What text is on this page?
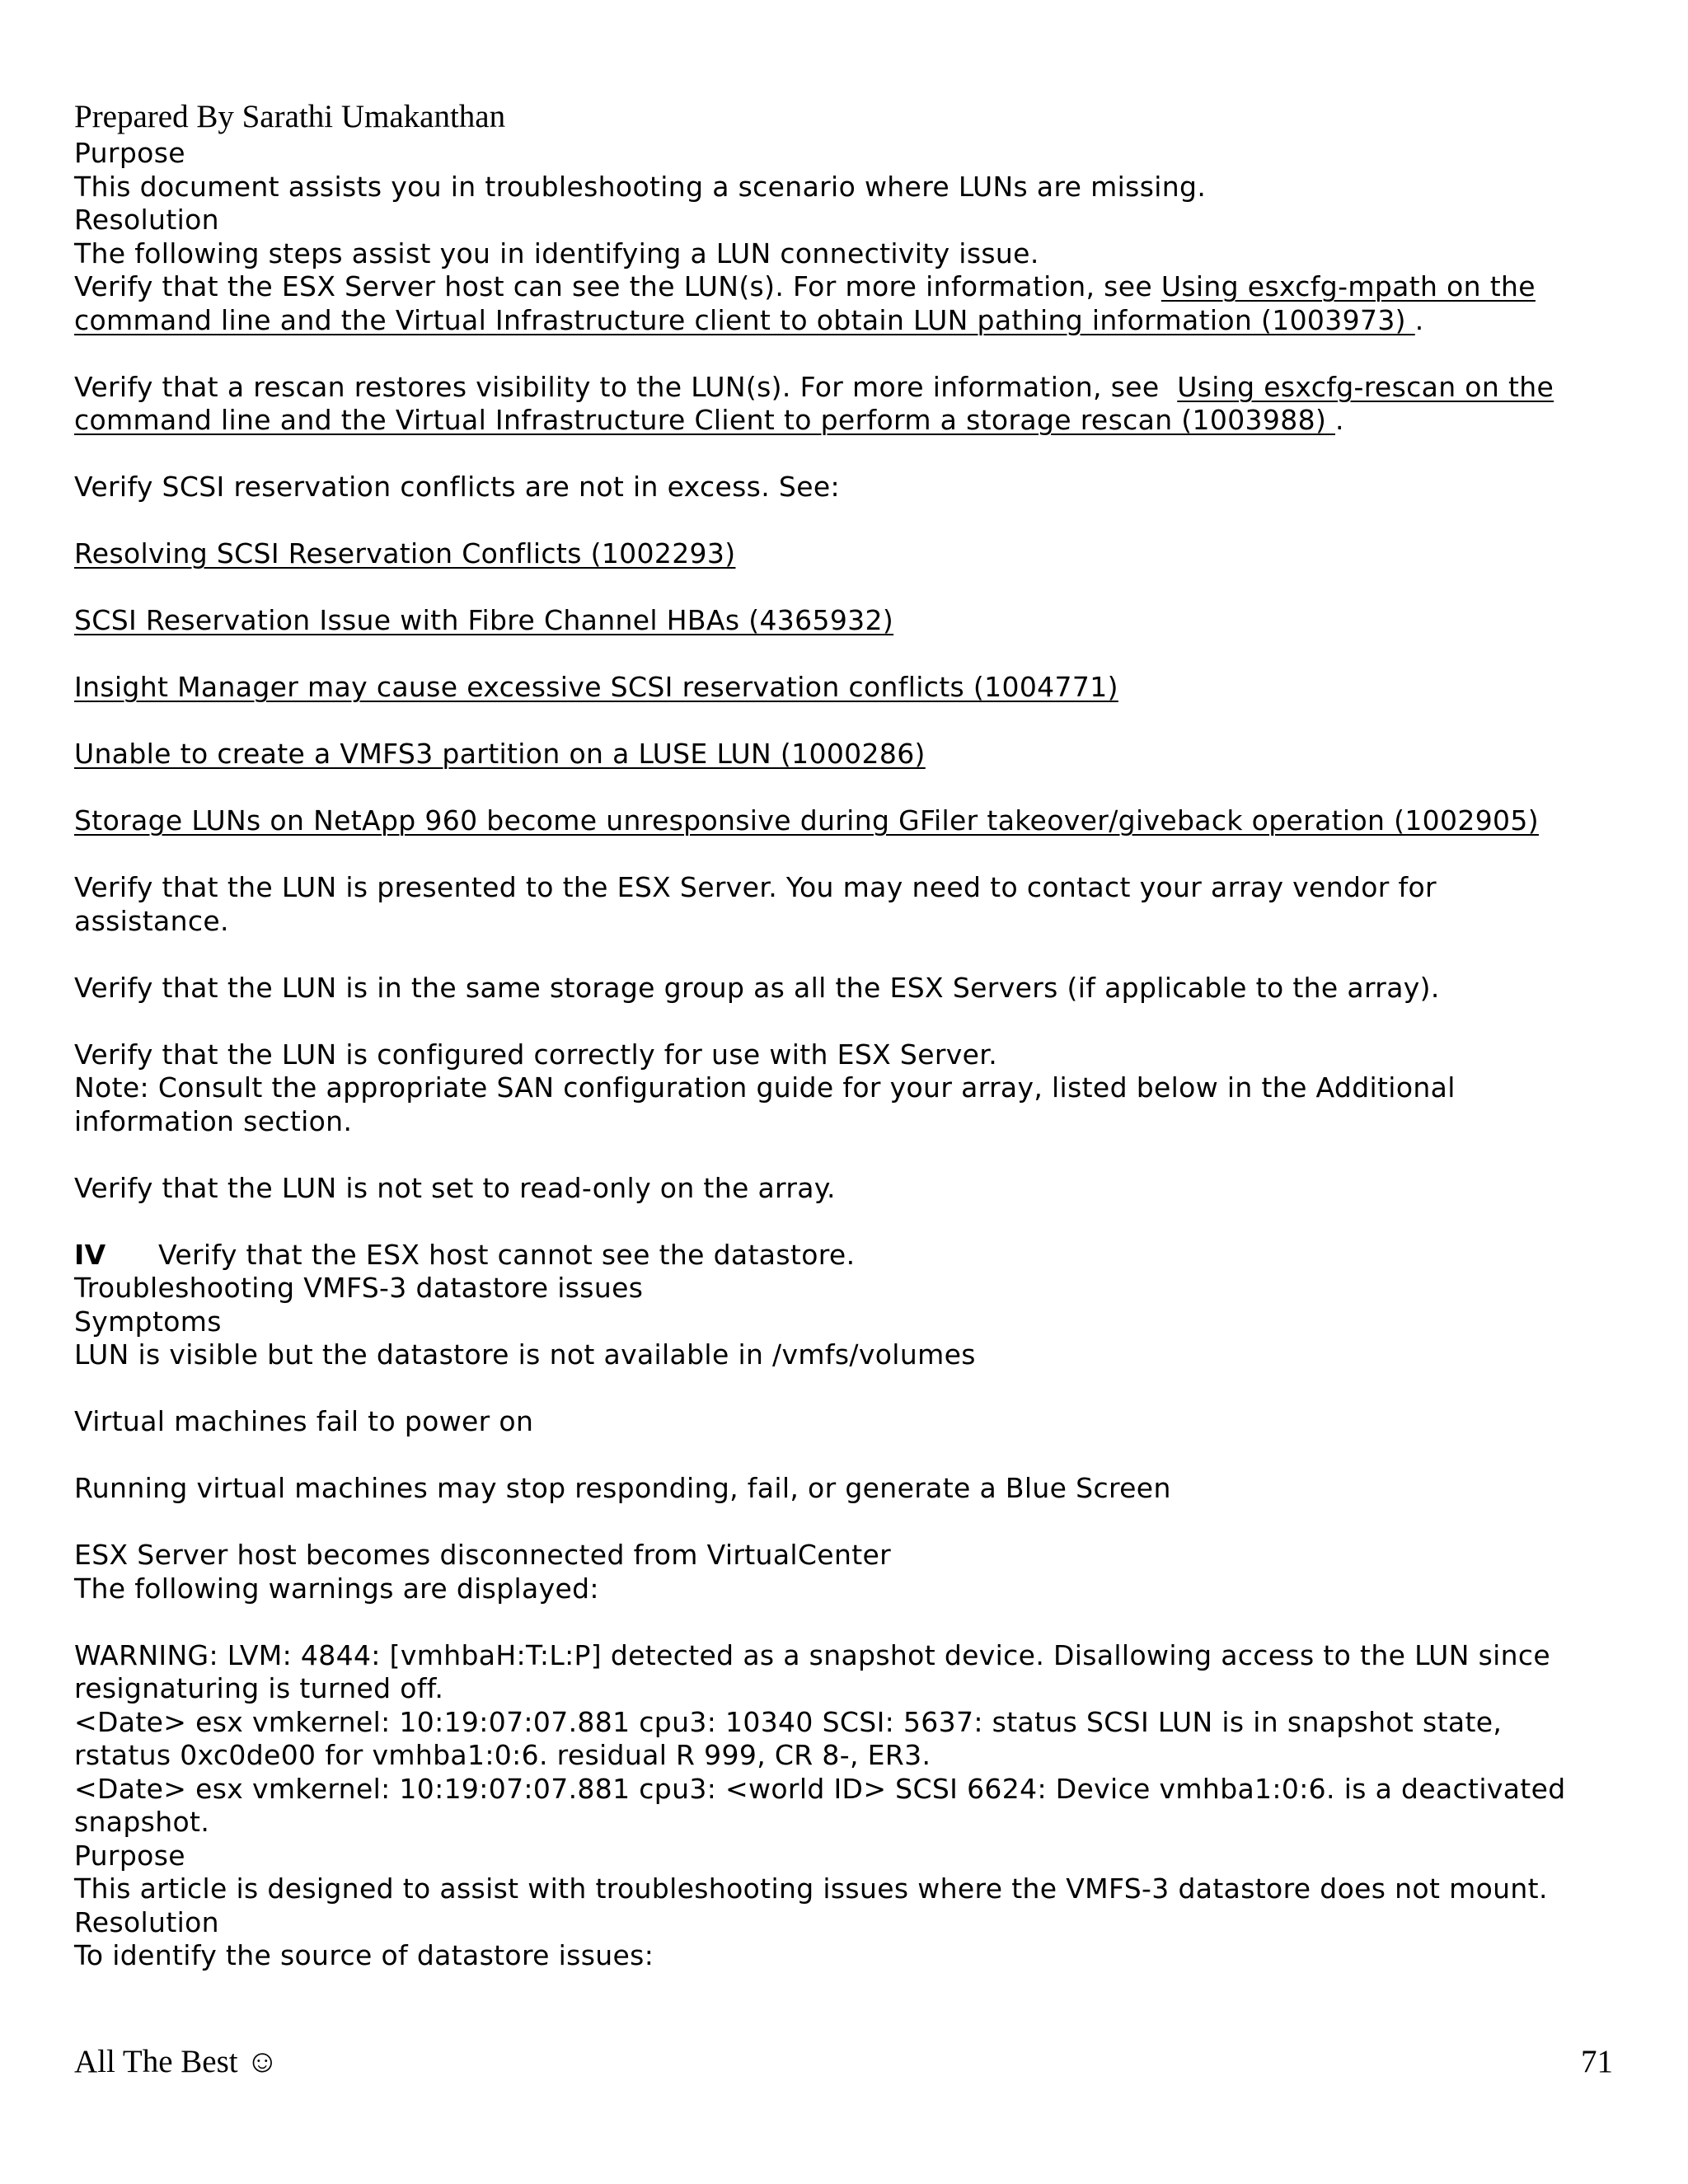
Prepared By Sarathi Umakanthan
Purpose
This document assists you in troubleshooting a scenario where LUNs are missing.
Resolution
The following steps assist you in identifying a LUN connectivity issue.
Verify that the ESX Server host can see the LUN(s). For more information, see Using esxcfg-mpath on the
command line and the Virtual Infrastructure client to obtain LUN pathing information (1003973) .
Verify that a rescan restores visibility to the LUN(s). For more information, see  Using esxcfg-rescan on the
command line and the Virtual Infrastructure Client to perform a storage rescan (1003988) .
Verify SCSI reservation conflicts are not in excess. See:
Resolving SCSI Reservation Conflicts (1002293)
SCSI Reservation Issue with Fibre Channel HBAs (4365932)
Insight Manager may cause excessive SCSI reservation conflicts (1004771)
Unable to create a VMFS3 partition on a LUSE LUN (1000286)
Storage LUNs on NetApp 960 become unresponsive during GFiler takeover/giveback operation (1002905)
Verify that the LUN is presented to the ESX Server. You may need to contact your array vendor for
assistance.
Verify that the LUN is in the same storage group as all the ESX Servers (if applicable to the array).
Verify that the LUN is configured correctly for use with ESX Server.
Note: Consult the appropriate SAN configuration guide for your array, listed below in the Additional
information section.
Verify that the LUN is not set to read-only on the array.
IV Verify that the ESX host cannot see the datastore.
Troubleshooting VMFS-3 datastore issues
Symptoms
LUN is visible but the datastore is not available in /vmfs/volumes
Virtual machines fail to power on
Running virtual machines may stop responding, fail, or generate a Blue Screen
ESX Server host becomes disconnected from VirtualCenter
The following warnings are displayed:
WARNING: LVM: 4844: [vmhbaH:T:L:P] detected as a snapshot device. Disallowing access to the LUN since
resignaturing is turned off.
<Date> esx vmkernel: 10:19:07:07.881 cpu3: 10340 SCSI: 5637: status SCSI LUN is in snapshot state,
rstatus 0xc0de00 for vmhba1:0:6. residual R 999, CR 8-, ER3.
<Date> esx vmkernel: 10:19:07:07.881 cpu3: <world ID> SCSI 6624: Device vmhba1:0:6. is a deactivated
snapshot.
Purpose
This article is designed to assist with troubleshooting issues where the VMFS-3 datastore does not mount.
Resolution
To identify the source of datastore issues:
All The Best ☺	71
